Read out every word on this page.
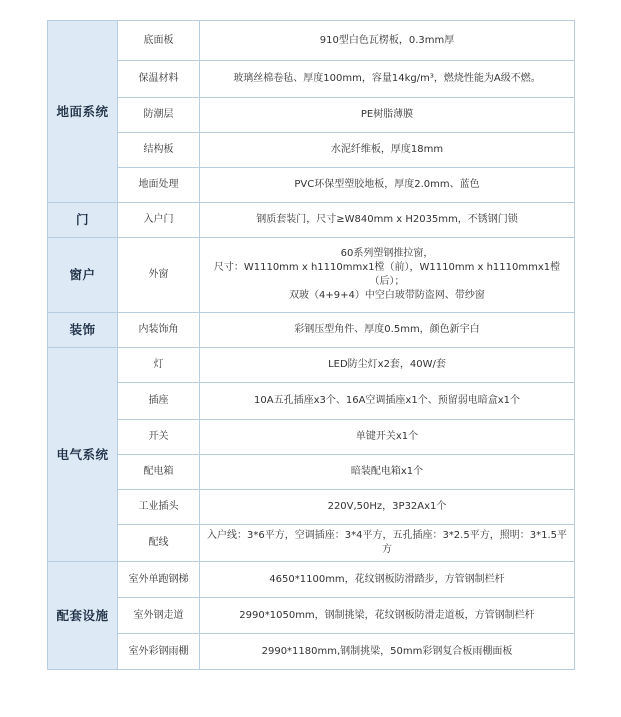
地面系统	底面板	910型白色瓦楞板，0.3mm厚
	保温材料	玻璃丝棉卷毡、厚度100mm，容量14kg/m³，燃烧性能为A级不燃。
	防潮层	PE树脂薄膜
	结构板	水泥纤维板，厚度18mm
	地面处理	PVC环保型塑胶地板，厚度2.0mm、蓝色
门	入户门	钢质套装门，尺寸≥W840mm x H2035mm，不锈钢门锁
窗户	外窗	60系列塑钢推拉窗，
尺寸：W1110mm x h1110mmx1樘（前），W1110mm x h1110mmx1樘（后）；
双玻（4+9+4）中空白玻带防盗网、带纱窗

装饰	内装饰角	彩钢压型角件、厚度0.5mm，颜色新宇白
电气系统	灯	LED防尘灯x2套，40W/套
	插座	10A五孔插座x3个、16A空调插座x1个、预留弱电暗盒x1个
	开关	单键开关x1个
	配电箱	暗装配电箱x1个
	工业插头	220V,50Hz，3P32Ax1个
	配线	入户线：3*6平方，空调插座：3*4平方，五孔插座：3*2.5平方，照明：3*1.5平方
配套设施	室外单跑钢梯	4650*1100mm，花纹钢板防滑踏步，方管钢制栏杆
	室外钢走道	2990*1050mm，钢制挑梁，花纹钢板防滑走道板，方管钢制栏杆
	室外彩钢雨棚	2990*1180mm,钢制挑梁，50mm彩钢复合板雨棚面板
